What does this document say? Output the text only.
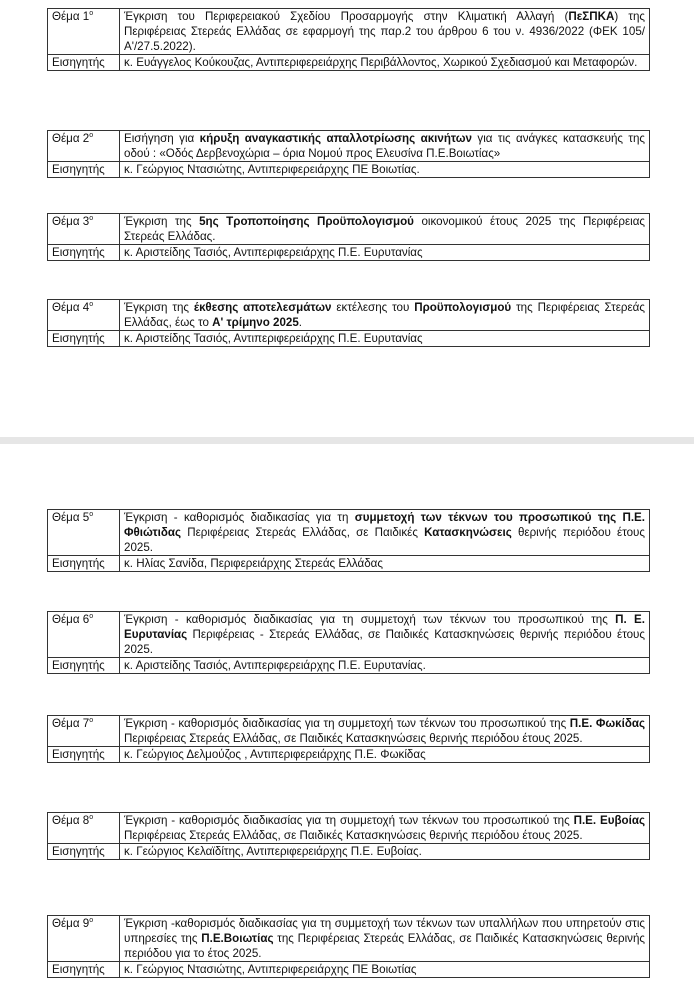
Θέμα $1^o$	Έγκριση του Περιφερειακού Σχεδίου Προσαρμογής στην Κλιματική Αλλαγή (ΠεΣΠΚΑ) της Περιφέρειας Στερεάς Ελλάδας σε εφαρμογή της παρ.2 του άρθρου 6 του ν. 4936/2022 (ΦΕΚ 105/Α'/27.5.2022).
Εισηγητής	κ. Ευάγγελος Κούκουζας, Αντιπεριφερειάρχης Περιβάλλοντος, Χωρικού Σχεδιασμού και Μεταφορών.
Θέμα $2^o$	Εισήγηση για κήρυξη αναγκαστικής απαλλοτρίωσης ακινήτων για τις ανάγκες κατασκευής της οδού : «Οδός Δερβενοχώρια – όρια Νομού προς Ελευσίνα Π.Ε.Βοιωτίας»
Εισηγητής	κ. Γεώργιος Ντασιώτης, Αντιπεριφερειάρχης ΠΕ Βοιωτίας.
Θέμα $3^o$	Έγκριση της 5ης Τροποποίησης Προϋπολογισμού οικονομικού έτους 2025 της Περιφέρειας Στερεάς Ελλάδας.
Εισηγητής	κ. Αριστείδης Τασιός, Αντιπεριφερειάρχης Π.Ε. Ευρυτανίας
Θέμα $4^o$	Έγκριση της έκθεσης αποτελεσμάτων εκτέλεσης του Προϋπολογισμού της Περιφέρειας Στερεάς Ελλάδας, έως το Α' τρίμηνο 2025.
Εισηγητής	κ. Αριστείδης Τασιός, Αντιπεριφερειάρχης Π.Ε. Ευρυτανίας
Θέμα $5^o$	Έγκριση - καθορισμός διαδικασίας για τη συμμετοχή των τέκνων του προσωπικού της Π.Ε. Φθιώτιδας Περιφέρειας Στερεάς Ελλάδας, σε Παιδικές Κατασκηνώσεις θερινής περιόδου έτους 2025.
Εισηγητής	κ. Ηλίας Σανίδα, Περιφερειάρχης Στερεάς Ελλάδας
Θέμα $6^o$	Έγκριση - καθορισμός διαδικασίας για τη συμμετοχή των τέκνων του προσωπικού της Π. Ε. Ευρυτανίας Περιφέρειας - Στερεάς Ελλάδας, σε Παιδικές Κατασκηνώσεις θερινής περιόδου έτους 2025.
Εισηγητής	κ. Αριστείδης Τασιός, Αντιπεριφερειάρχης Π.Ε. Ευρυτανίας.
Θέμα $7^o$	Έγκριση - καθορισμός διαδικασίας για τη συμμετοχή των τέκνων του προσωπικού της Π.Ε. Φωκίδας Περιφέρειας Στερεάς Ελλάδας, σε Παιδικές Κατασκηνώσεις θερινής περιόδου έτους 2025.
Εισηγητής	κ. Γεώργιος Δελμούζος , Αντιπεριφερειάρχης Π.Ε. Φωκίδας
Θέμα $8^o$	Έγκριση - καθορισμός διαδικασίας για τη συμμετοχή των τέκνων του προσωπικού της Π.Ε. Ευβοίας Περιφέρειας Στερεάς Ελλάδας, σε Παιδικές Κατασκηνώσεις θερινής περιόδου έτους 2025.
Εισηγητής	κ. Γεώργιος Κελαϊδίτης, Αντιπεριφερειάρχης Π.Ε. Ευβοίας.
Θέμα $9^o$	Έγκριση -καθορισμός διαδικασίας για τη συμμετοχή των τέκνων των υπαλλήλων που υπηρετούν στις υπηρεσίες της Π.Ε.Βοιωτίας της Περιφέρειας Στερεάς Ελλάδας, σε Παιδικές Κατασκηνώσεις θερινής περιόδου για το έτος 2025.
Εισηγητής	κ. Γεώργιος Ντασιώτης, Αντιπεριφερειάρχης ΠΕ Βοιωτίας
